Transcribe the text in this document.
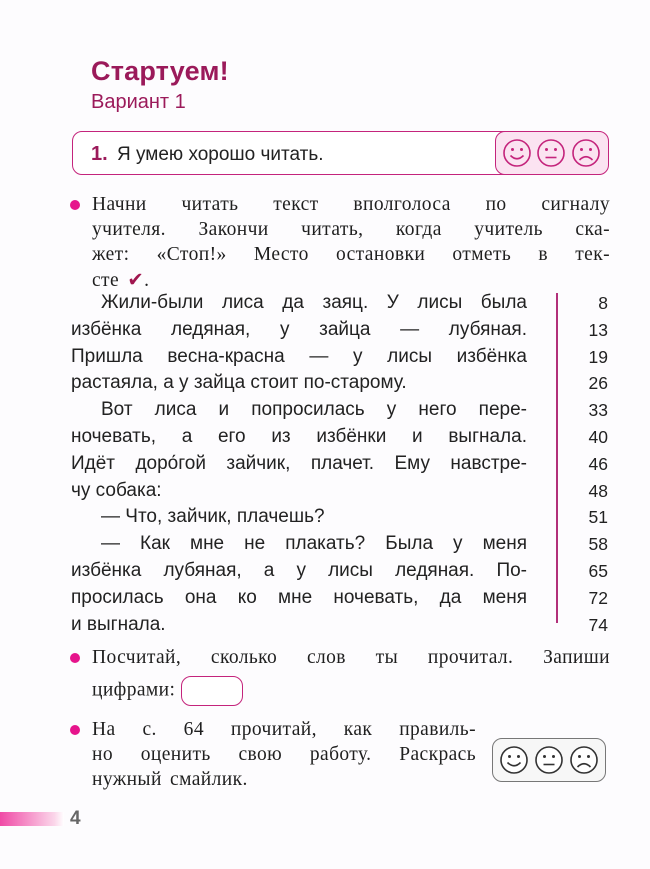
Стартуем!
Вариант 1
1. Я умею хорошо читать.
Начни читать текст вполголоса по сигналу
учителя. Закончи читать, когда учитель ска-
жет: «Стоп!» Место остановки отметь в тек-
сте ✔.
Жили-были лиса да заяц. У лисы была
избёнка ледяная, у зайца — лубяная.
Пришла весна-красна — у лисы избёнка
растаяла, а у зайца стоит по-старому.
Вот лиса и попросилась у него пере-
ночевать, а его из избёнки и выгнала.
Идёт доро́гой зайчик, плачет. Ему навстре-
чу собака:
— Что, зайчик, плачешь?
— Как мне не плакать? Была у меня
избёнка лубяная, а у лисы ледяная. По-
просилась она ко мне ночевать, да меня
и выгнала.
8
13
19
26
33
40
46
48
51
58
65
72
74
Посчитай, сколько слов ты прочитал. Запиши
цифрами:
На с. 64 прочитай, как правиль-
но оценить свою работу. Раскрась
нужный смайлик.
4
